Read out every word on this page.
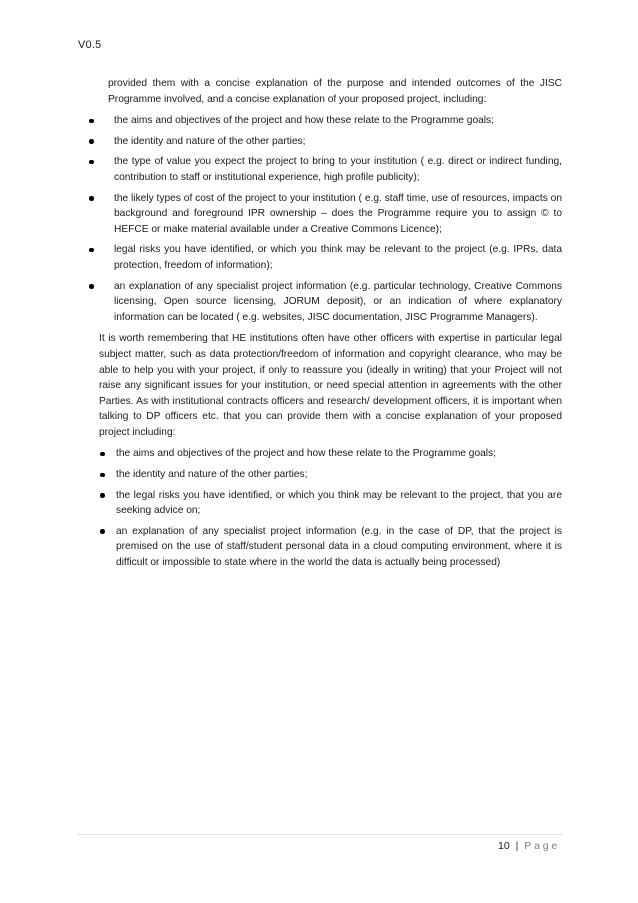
V0.5

provided them with a concise explanation of the purpose and intended outcomes of the JISC Programme involved, and a concise explanation of your proposed project, including:

the aims and objectives of the project and how these relate to the Programme goals;
the identity and nature of the other parties;
the type of value you expect the project to bring to your institution ( e.g. direct or indirect funding, contribution to staff or institutional experience, high profile publicity);
the likely types of cost of the project to your institution ( e.g. staff time, use of resources, impacts on background and foreground IPR ownership – does the Programme require you to assign © to HEFCE or make material available under a Creative Commons Licence);
legal risks you have identified, or which you think may be relevant to the project (e.g. IPRs, data protection, freedom of information);
an explanation of any specialist project information (e.g. particular technology, Creative Commons licensing, Open source licensing, JORUM deposit), or an indication of where explanatory information can be located ( e.g. websites, JISC documentation, JISC Programme Managers).

It is worth remembering that HE institutions often have other officers with expertise in particular legal subject matter, such as data protection/freedom of information and copyright clearance, who may be able to help you with your project, if only to reassure you (ideally in writing) that your Project will not raise any significant issues for your institution, or need special attention in agreements with the other Parties. As with institutional contracts officers and research/ development officers, it is important when talking to DP officers etc. that you can provide them with a concise explanation of your proposed project including:

the aims and objectives of the project and how these relate to the Programme goals;
the identity and nature of the other parties;
the legal risks you have identified, or which you think may be relevant to the project, that you are seeking advice on;
an explanation of any specialist project information (e.g. in the case of DP, that the project is premised on the use of staff/student personal data in a cloud computing environment, where it is difficult or impossible to state where in the world the data is actually being processed)
10 | Page
